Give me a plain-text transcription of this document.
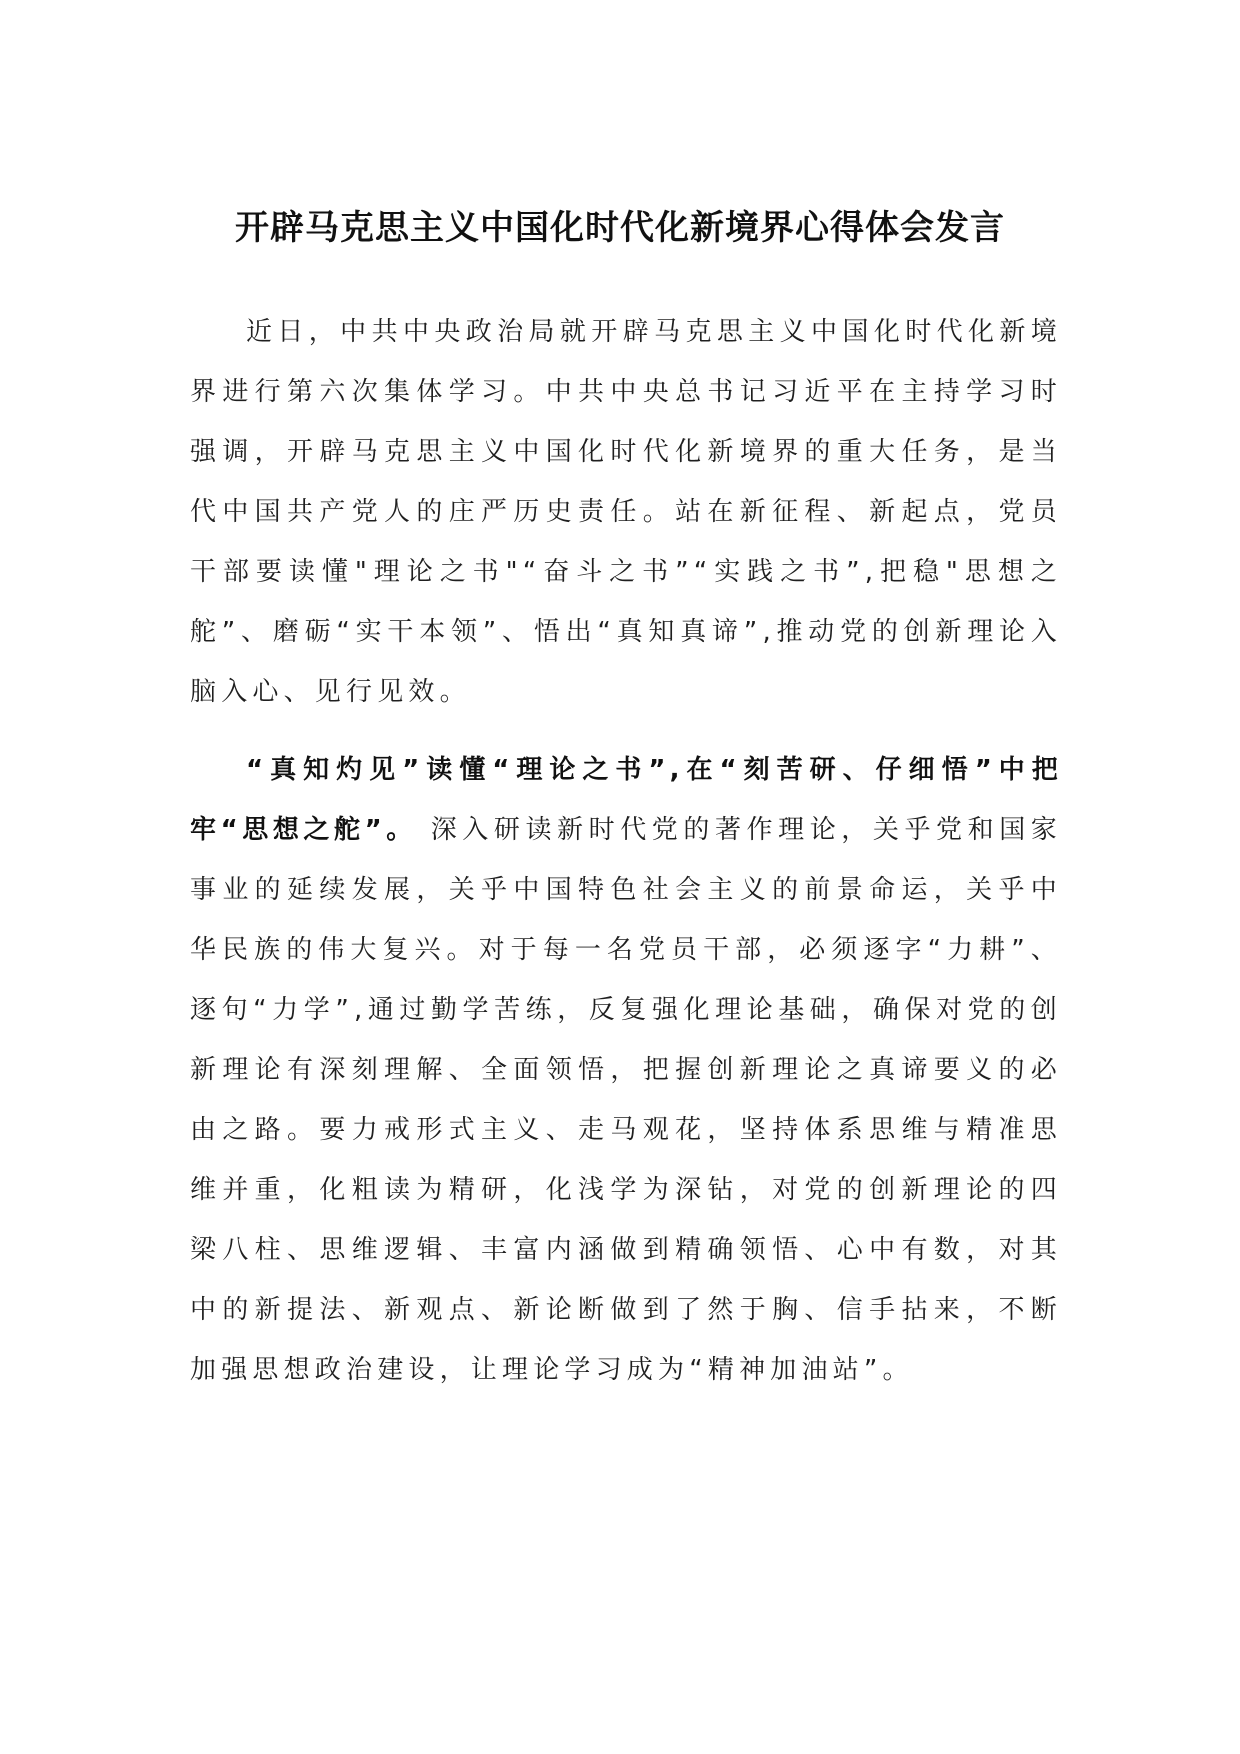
开辟马克思主义中国化时代化新境界心得体会发言

近日，中共中央政治局就开辟马克思主义中国化时代化新境界进行第六次集体学习。中共中央总书记习近平在主持学习时强调，开辟马克思主义中国化时代化新境界的重大任务，是当代中国共产党人的庄严历史责任。站在新征程、新起点，党员干部要读懂"理论之书"“奋斗之书”“实践之书”,把稳"思想之舵”、磨砺“实干本领”、悟出“真知真谛”,推动党的创新理论入脑入心、见行见效。

“真知灼见”读懂“理论之书”,在“刻苦研、仔细悟”中把牢“思想之舵”。 深入研读新时代党的著作理论，关乎党和国家事业的延续发展，关乎中国特色社会主义的前景命运，关乎中华民族的伟大复兴。对于每一名党员干部，必须逐字“力耕”、逐句“力学”,通过勤学苦练，反复强化理论基础，确保对党的创新理论有深刻理解、全面领悟，把握创新理论之真谛要义的必由之路。要力戒形式主义、走马观花，坚持体系思维与精准思维并重，化粗读为精研，化浅学为深钻，对党的创新理论的四梁八柱、思维逻辑、丰富内涵做到精确领悟、心中有数，对其中的新提法、新观点、新论断做到了然于胸、信手拈来，不断加强思想政治建设，让理论学习成为“精神加油站”。
